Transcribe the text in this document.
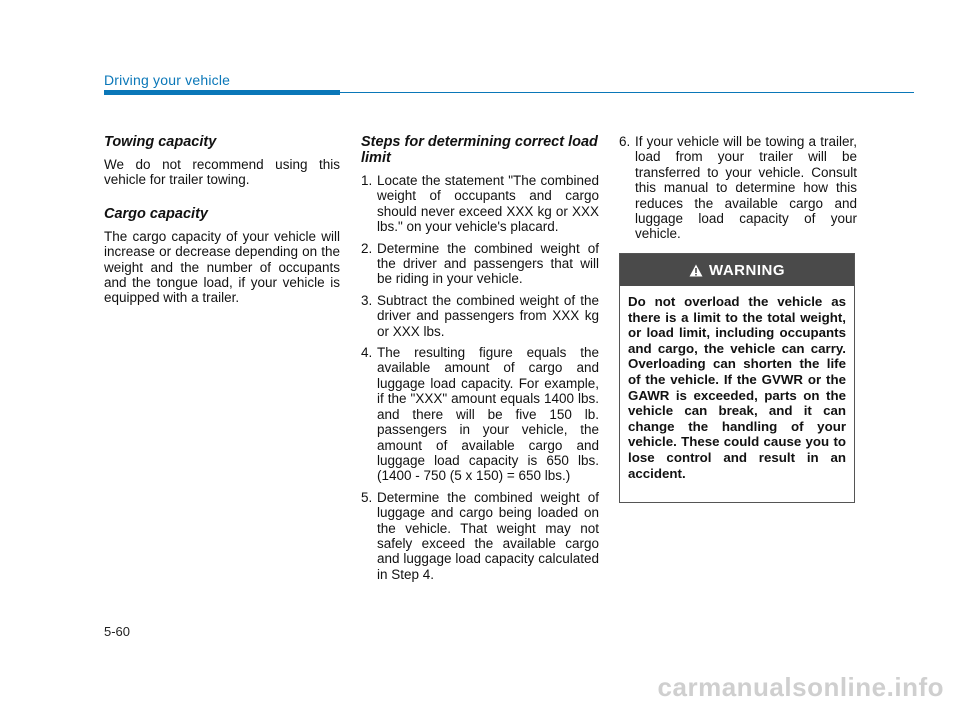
Driving your vehicle
Towing capacity
We do not recommend using this vehicle for trailer towing.
Cargo capacity
The cargo capacity of your vehicle will increase or decrease depending on the weight and the number of occupants and the tongue load, if your vehicle is equipped with a trailer.
Steps for determining correct load limit
1. Locate the statement "The combined weight of occupants and cargo should never exceed XXX kg or XXX lbs." on your vehicle's placard.
2. Determine the combined weight of the driver and passengers that will be riding in your vehicle.
3. Subtract the combined weight of the driver and passengers from XXX kg or XXX lbs.
4. The resulting figure equals the available amount of cargo and luggage load capacity. For example, if the "XXX" amount equals 1400 lbs. and there will be five 150 lb. passengers in your vehicle, the amount of available cargo and luggage load capacity is 650 lbs. (1400 - 750 (5 x 150) = 650 lbs.)
5. Determine the combined weight of luggage and cargo being loaded on the vehicle. That weight may not safely exceed the available cargo and luggage load capacity calculated in Step 4.
6. If your vehicle will be towing a trailer, load from your trailer will be transferred to your vehicle. Consult this manual to determine how this reduces the available cargo and luggage load capacity of your vehicle.
WARNING
Do not overload the vehicle as there is a limit to the total weight, or load limit, including occupants and cargo, the vehicle can carry. Overloading can shorten the life of the vehicle. If the GVWR or the GAWR is exceeded, parts on the vehicle can break, and it can change the handling of your vehicle. These could cause you to lose control and result in an accident.
5-60
carmanualsonline.info
